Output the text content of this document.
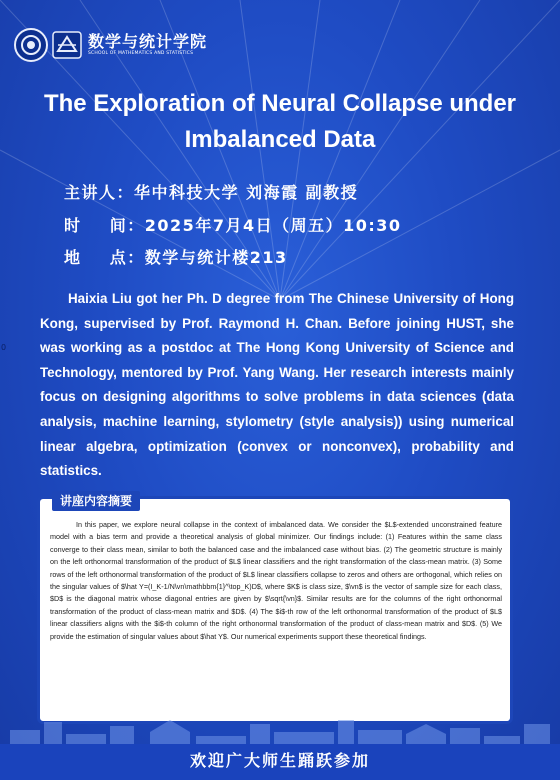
数学与统计学院
SCHOOL OF MATHEMATICS AND STATISTICS
The Exploration of Neural Collapse under
Imbalanced Data
主讲人：华中科技大学 刘海霞 副教授
时    间：2025年7月4日（周五）10:30
地    点：数学与统计楼213
0
Haixia Liu got her Ph. D degree from The Chinese University of Hong Kong, supervised by Prof. Raymond H. Chan. Before joining HUST, she was working as a postdoc at The Hong Kong University of Science and Technology, mentored by Prof. Yang Wang. Her research interests mainly focus on designing algorithms to solve problems in data sciences (data analysis, machine learning, stylometry (style analysis)) using numerical linear algebra, optimization (convex or nonconvex), probability and statistics.
讲座内容摘要
In this paper, we explore neural collapse in the context of imbalanced data. We consider the $L$-extended unconstrained feature model with a bias term and provide a theoretical analysis of global minimizer. Our findings include: (1) Features within the same class converge to their class mean, similar to both the balanced case and the imbalanced case without bias. (2) The geometric structure is mainly on the left orthonormal transformation of the product of $L$ linear classifiers and the right transformation of the class-mean matrix. (3) Some rows of the left orthonormal transformation of the product of $L$ linear classifiers collapse to zeros and others are orthogonal, which relies on the singular values of $\hat Y=(I_K-1/N\vn\mathbbm{1}^\top_K)D$, where $K$ is class size, $\vn$ is the vector of sample size for each class, $D$ is the diagonal matrix whose diagonal entries are given by $\sqrt{\vn}$. Similar results are for the columns of the right orthonormal transformation of the product of class-mean matrix and $D$. (4) The $i$-th row of the left orthonormal transformation of the product of $L$ linear classifiers aligns with the $i$-th column of the right orthonormal transformation of the product of class-mean matrix and $D$. (5) We provide the estimation of singular values about $\hat Y$. Our numerical experiments support these theoretical findings.
欢迎广大师生踊跃参加
